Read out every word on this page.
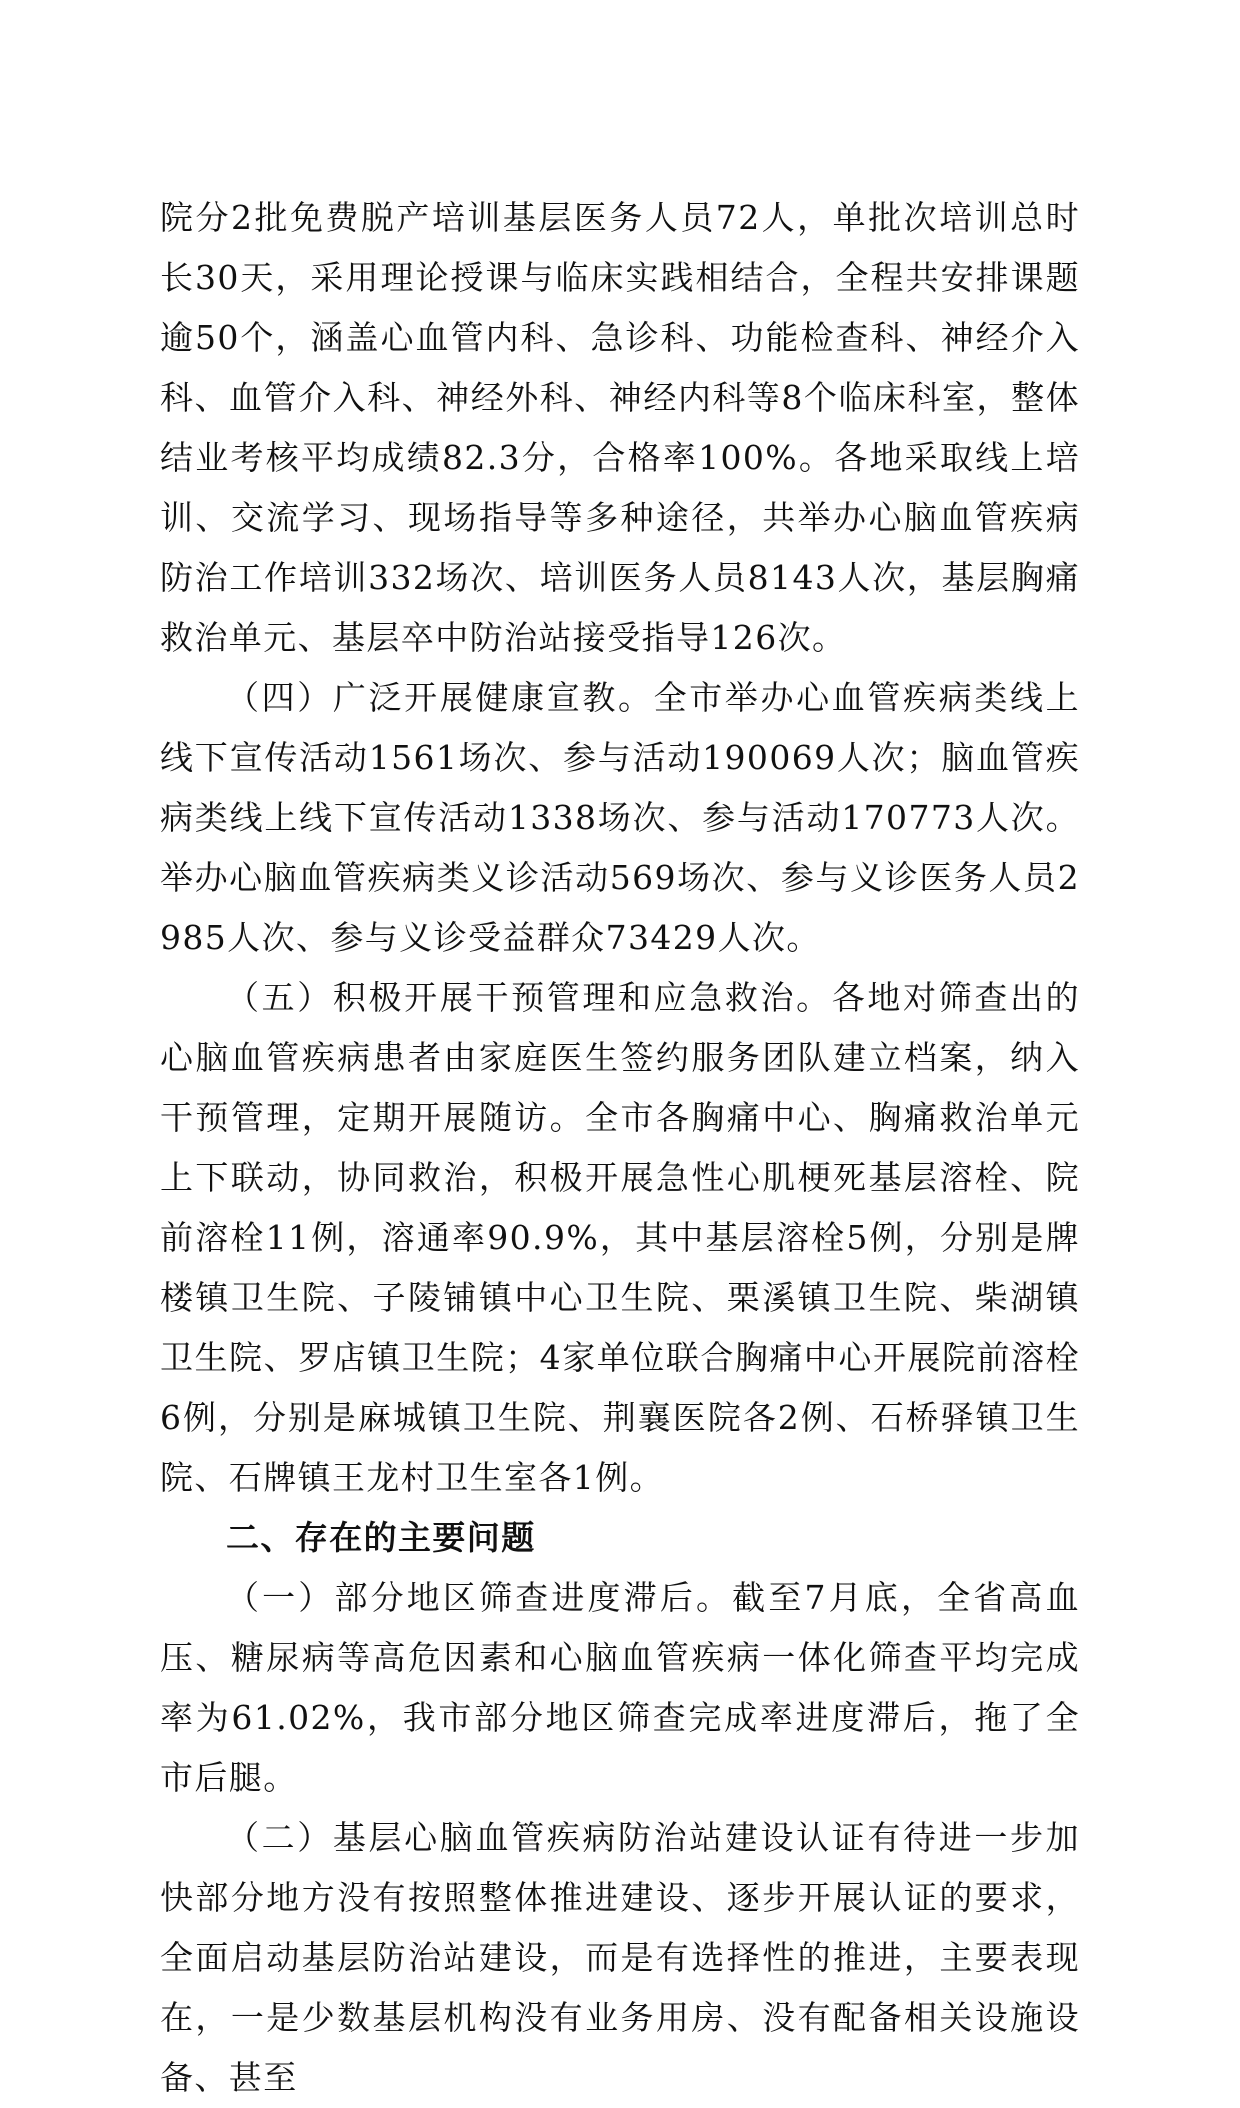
院分2批免费脱产培训基层医务人员72人，单批次培训总时长30天，采用理论授课与临床实践相结合，全程共安排课题逾50个，涵盖心血管内科、急诊科、功能检查科、神经介入科、血管介入科、神经外科、神经内科等8个临床科室，整体结业考核平均成绩82.3分，合格率100%。各地采取线上培训、交流学习、现场指导等多种途径，共举办心脑血管疾病防治工作培训332场次、培训医务人员8143人次，基层胸痛救治单元、基层卒中防治站接受指导126次。

（四）广泛开展健康宣教。全市举办心血管疾病类线上线下宣传活动1561场次、参与活动190069人次；脑血管疾病类线上线下宣传活动1338场次、参与活动170773人次。举办心脑血管疾病类义诊活动569场次、参与义诊医务人员2985人次、参与义诊受益群众73429人次。

（五）积极开展干预管理和应急救治。各地对筛查出的心脑血管疾病患者由家庭医生签约服务团队建立档案，纳入干预管理，定期开展随访。全市各胸痛中心、胸痛救治单元上下联动，协同救治，积极开展急性心肌梗死基层溶栓、院前溶栓11例，溶通率90.9%，其中基层溶栓5例，分别是牌楼镇卫生院、子陵铺镇中心卫生院、栗溪镇卫生院、柴湖镇卫生院、罗店镇卫生院；4家单位联合胸痛中心开展院前溶栓6例，分别是麻城镇卫生院、荆襄医院各2例、石桥驿镇卫生院、石牌镇王龙村卫生室各1例。

二、存在的主要问题

（一）部分地区筛查进度滞后。截至7月底，全省高血压、糖尿病等高危因素和心脑血管疾病一体化筛查平均完成率为61.02%，我市部分地区筛查完成率进度滞后，拖了全市后腿。

（二）基层心脑血管疾病防治站建设认证有待进一步加快部分地方没有按照整体推进建设、逐步开展认证的要求，全面启动基层防治站建设，而是有选择性的推进，主要表现在，一是少数基层机构没有业务用房、没有配备相关设施设备、甚至
